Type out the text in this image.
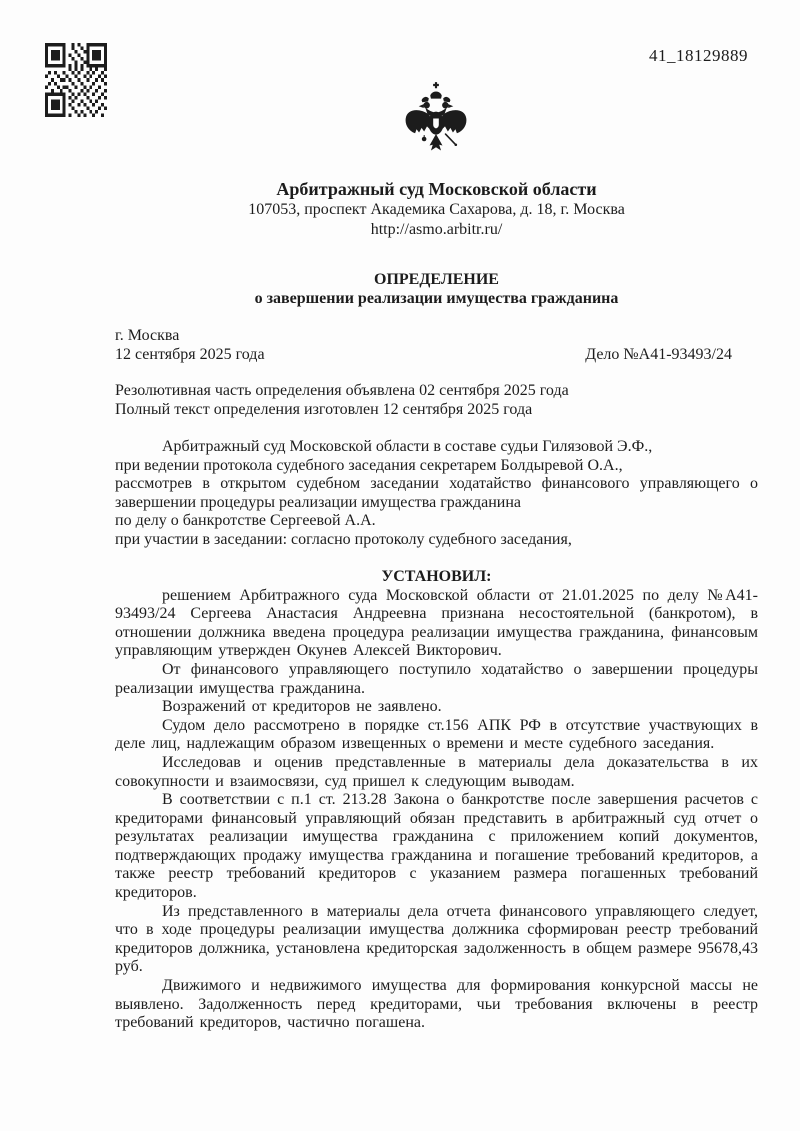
41_18129889
Арбитражный суд Московской области
107053, проспект Академика Сахарова, д. 18, г. Москва
http://asmo.arbitr.ru/
ОПРЕДЕЛЕНИЕ
о завершении реализации имущества гражданина
г. Москва
12 сентября 2025 года	Дело №А41-93493/24

Резолютивная часть определения объявлена 02 сентября 2025 года

Полный текст определения изготовлен 12 сентября 2025 года

Арбитражный суд Московской области в составе судьи Гилязовой Э.Ф.,

при ведении протокола судебного заседания секретарем Болдыревой О.А.,

рассмотрев в открытом судебном заседании ходатайство финансового управляющего о завершении процедуры реализации имущества гражданина

по делу о банкротстве Сергеевой А.А.

при участии в заседании: согласно протоколу судебного заседания,

УСТАНОВИЛ:

решением Арбитражного суда Московской области от 21.01.2025 по делу №А41-93493/24 Сергеева Анастасия Андреевна признана несостоятельной (банкротом), в отношении должника введена процедура реализации имущества гражданина, финансовым управляющим утвержден Окунев Алексей Викторович.

От финансового управляющего поступило ходатайство о завершении процедуры реализации имущества гражданина.

Возражений от кредиторов не заявлено.

Судом дело рассмотрено в порядке ст.156 АПК РФ в отсутствие участвующих в деле лиц, надлежащим образом извещенных о времени и месте судебного заседания.

Исследовав и оценив представленные в материалы дела доказательства в их совокупности и взаимосвязи, суд пришел к следующим выводам.

В соответствии с п.1 ст. 213.28 Закона о банкротстве после завершения расчетов с кредиторами финансовый управляющий обязан представить в арбитражный суд отчет о результатах реализации имущества гражданина с приложением копий документов, подтверждающих продажу имущества гражданина и погашение требований кредиторов, а также реестр требований кредиторов с указанием размера погашенных требований кредиторов.

Из представленного в материалы дела отчета финансового управляющего следует, что в ходе процедуры реализации имущества должника сформирован реестр требований кредиторов должника, установлена кредиторская задолженность в общем размере 95678,43 руб.

Движимого и недвижимого имущества для формирования конкурсной массы не выявлено. Задолженность перед кредиторами, чьи требования включены в реестр требований кредиторов, частично погашена.
